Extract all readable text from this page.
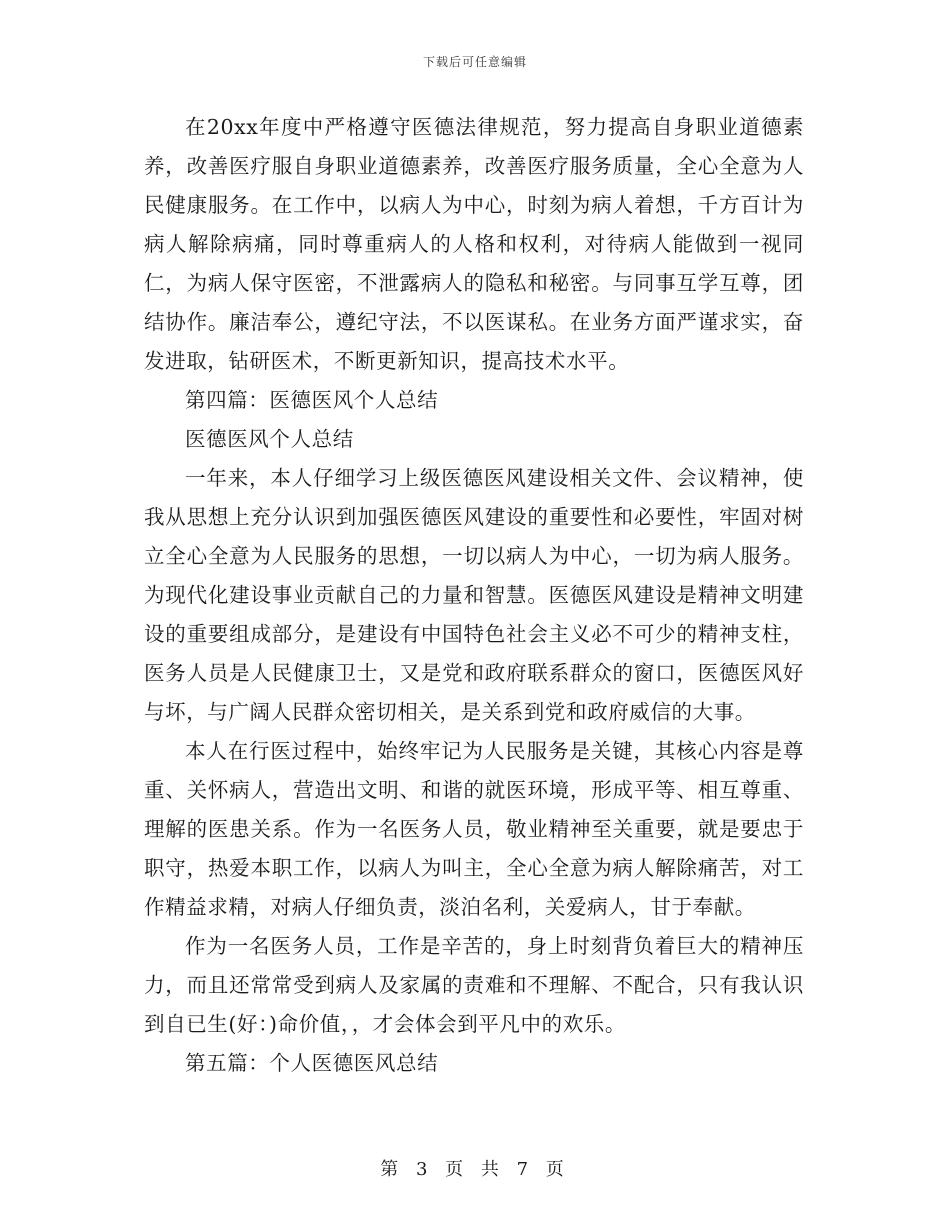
下载后可任意编辑

在20xx年度中严格遵守医德法律规范，努力提高自身职业道德素养，改善医疗服自身职业道德素养，改善医疗服务质量，全心全意为人民健康服务。在工作中，以病人为中心，时刻为病人着想，千方百计为病人解除病痛，同时尊重病人的人格和权利，对待病人能做到一视同仁，为病人保守医密，不泄露病人的隐私和秘密。与同事互学互尊，团结协作。廉洁奉公，遵纪守法，不以医谋私。在业务方面严谨求实，奋发进取，钻研医术，不断更新知识，提高技术水平。

第四篇：医德医风个人总结

医德医风个人总结

一年来，本人仔细学习上级医德医风建设相关文件、会议精神，使我从思想上充分认识到加强医德医风建设的重要性和必要性，牢固对树立全心全意为人民服务的思想，一切以病人为中心，一切为病人服务。为现代化建设事业贡献自己的力量和智慧。医德医风建设是精神文明建设的重要组成部分，是建设有中国特色社会主义必不可少的精神支柱，医务人员是人民健康卫士，又是党和政府联系群众的窗口，医德医风好与坏，与广阔人民群众密切相关，是关系到党和政府威信的大事。

本人在行医过程中，始终牢记为人民服务是关键，其核心内容是尊重、关怀病人，营造出文明、和谐的就医环境，形成平等、相互尊重、理解的医患关系。作为一名医务人员，敬业精神至关重要，就是要忠于职守，热爱本职工作，以病人为叫主，全心全意为病人解除痛苦，对工作精益求精，对病人仔细负责，淡泊名利，关爱病人，甘于奉献。

作为一名医务人员，工作是辛苦的，身上时刻背负着巨大的精神压力，而且还常常受到病人及家属的责难和不理解、不配合，只有我认识到自已生(好：)命价值，，才会体会到平凡中的欢乐。

第五篇：个人医德医风总结

第 3 页 共 7 页
